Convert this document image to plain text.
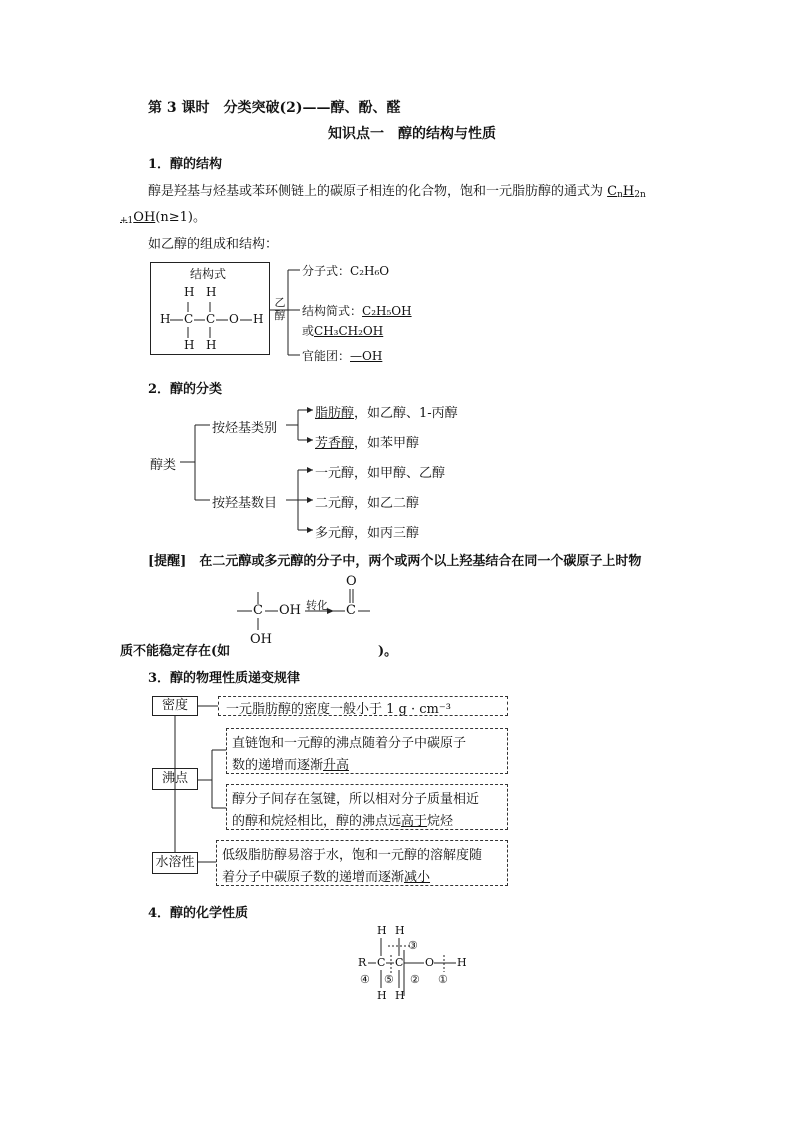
第 3 课时　分类突破(2)——醇、酚、醛
知识点一　醇的结构与性质
1．醇的结构
醇是羟基与烃基或苯环侧链上的碳原子相连的化合物，饱和一元脂肪醇的通式为 $C_nH_{2n}$
$_{+1}$OH(n≥1)。
如乙醇的组成和结构：
结构式
H H
H C C O H
H H
乙醇
分子式：C₂H₆O
结构简式：C₂H₅OH
或CH₃CH₂OH
官能团：—OH
2．醇的分类
醇类
按烃基类别
按羟基数目
脂肪醇，如乙醇、1-丙醇
芳香醇，如苯甲醇
一元醇，如甲醇、乙醇
二元醇，如乙二醇
多元醇，如丙三醇
[提醒]　 在二元醇或多元醇的分子中，两个或两个以上羟基结合在同一个碳原子上时物
转化
C OH
OH
O
C
质不能稳定存在(如	)。
3．醇的物理性质递变规律
密度	一元脂肪醇的密度一般小于 1 g · cm⁻³
沸点
直链饱和一元醇的沸点随着分子中碳原子
数的递增而逐渐升高
醇分子间存在氢键，所以相对分子质量相近
的醇和烷烃相比，醇的沸点远高于烷烃
水溶性 低级脂肪醇易溶于水，饱和一元醇的溶解度随
着分子中碳原子数的递增而逐渐减小
4．醇的化学性质
H H
③
R C C O H
④ ⑤ ② ①
H H
